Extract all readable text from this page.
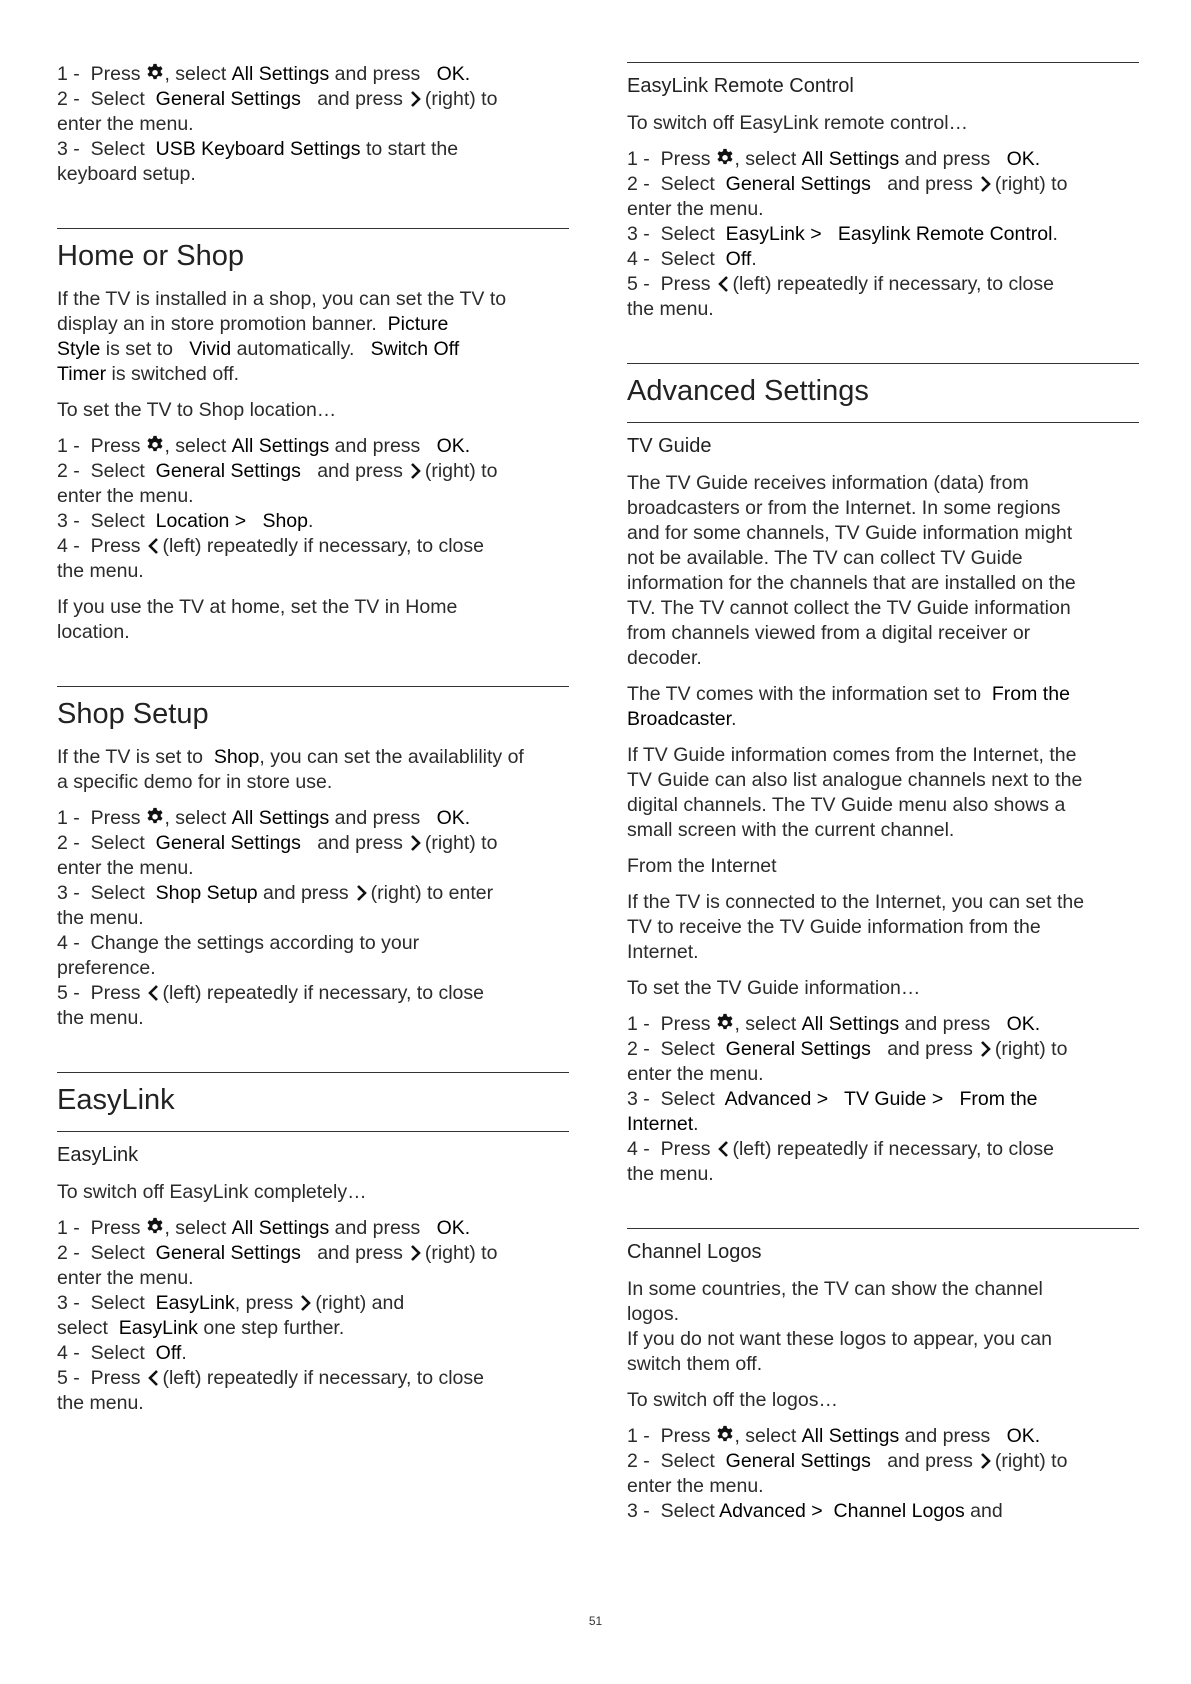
1 - Press , select All Settings and press OK.

2 - Select General Settings and press (right) to

enter the menu.

3 - Select USB Keyboard Settings to start the

keyboard setup.

Home or Shop
If the TV is installed in a shop, you can set the TV to
display an in store promotion banner. Picture
Style is set to Vivid automatically. Switch Off
Timer is switched off.

To set the TV to Shop location…

1 - Press , select All Settings and press OK.

2 - Select General Settings and press (right) to

enter the menu.

3 - Select Location > Shop.

4 - Press (left) repeatedly if necessary, to close

the menu.

If you use the TV at home, set the TV in Home
location.
Shop Setup
If the TV is set to Shop, you can set the availablility of
a specific demo for in store use.

1 - Press , select All Settings and press OK.

2 - Select General Settings and press (right) to

enter the menu.

3 - Select Shop Setup and press (right) to enter

the menu.

4 - Change the settings according to your

preference.

5 - Press (left) repeatedly if necessary, to close

the menu.

EasyLink
EasyLink

To switch off EasyLink completely…

1 - Press , select All Settings and press OK.

2 - Select General Settings and press (right) to

enter the menu.

3 - Select EasyLink, press (right) and

select EasyLink one step further.

4 - Select Off.

5 - Press (left) repeatedly if necessary, to close

the menu.

EasyLink Remote Control

To switch off EasyLink remote control…

1 - Press , select All Settings and press OK.

2 - Select General Settings and press (right) to

enter the menu.

3 - Select EasyLink > Easylink Remote Control.

4 - Select Off.

5 - Press (left) repeatedly if necessary, to close

the menu.

Advanced Settings
TV Guide
The TV Guide receives information (data) from
broadcasters or from the Internet. In some regions
and for some channels, TV Guide information might
not be available. The TV can collect TV Guide
information for the channels that are installed on the
TV. The TV cannot collect the TV Guide information
from channels viewed from a digital receiver or
decoder.
The TV comes with the information set to From the
Broadcaster.
If TV Guide information comes from the Internet, the
TV Guide can also list analogue channels next to the
digital channels. The TV Guide menu also shows a
small screen with the current channel.

From the Internet

If the TV is connected to the Internet, you can set the
TV to receive the TV Guide information from the
Internet.

To set the TV Guide information…

1 - Press , select All Settings and press OK.

2 - Select General Settings and press (right) to

enter the menu.

3 - Select Advanced > TV Guide > From the

Internet.

4 - Press (left) repeatedly if necessary, to close

the menu.

Channel Logos
In some countries, the TV can show the channel
logos.
If you do not want these logos to appear, you can
switch them off.

To switch off the logos…

1 - Press , select All Settings and press OK.

2 - Select General Settings and press (right) to

enter the menu.

3 - Select Advanced > Channel Logos and

51
